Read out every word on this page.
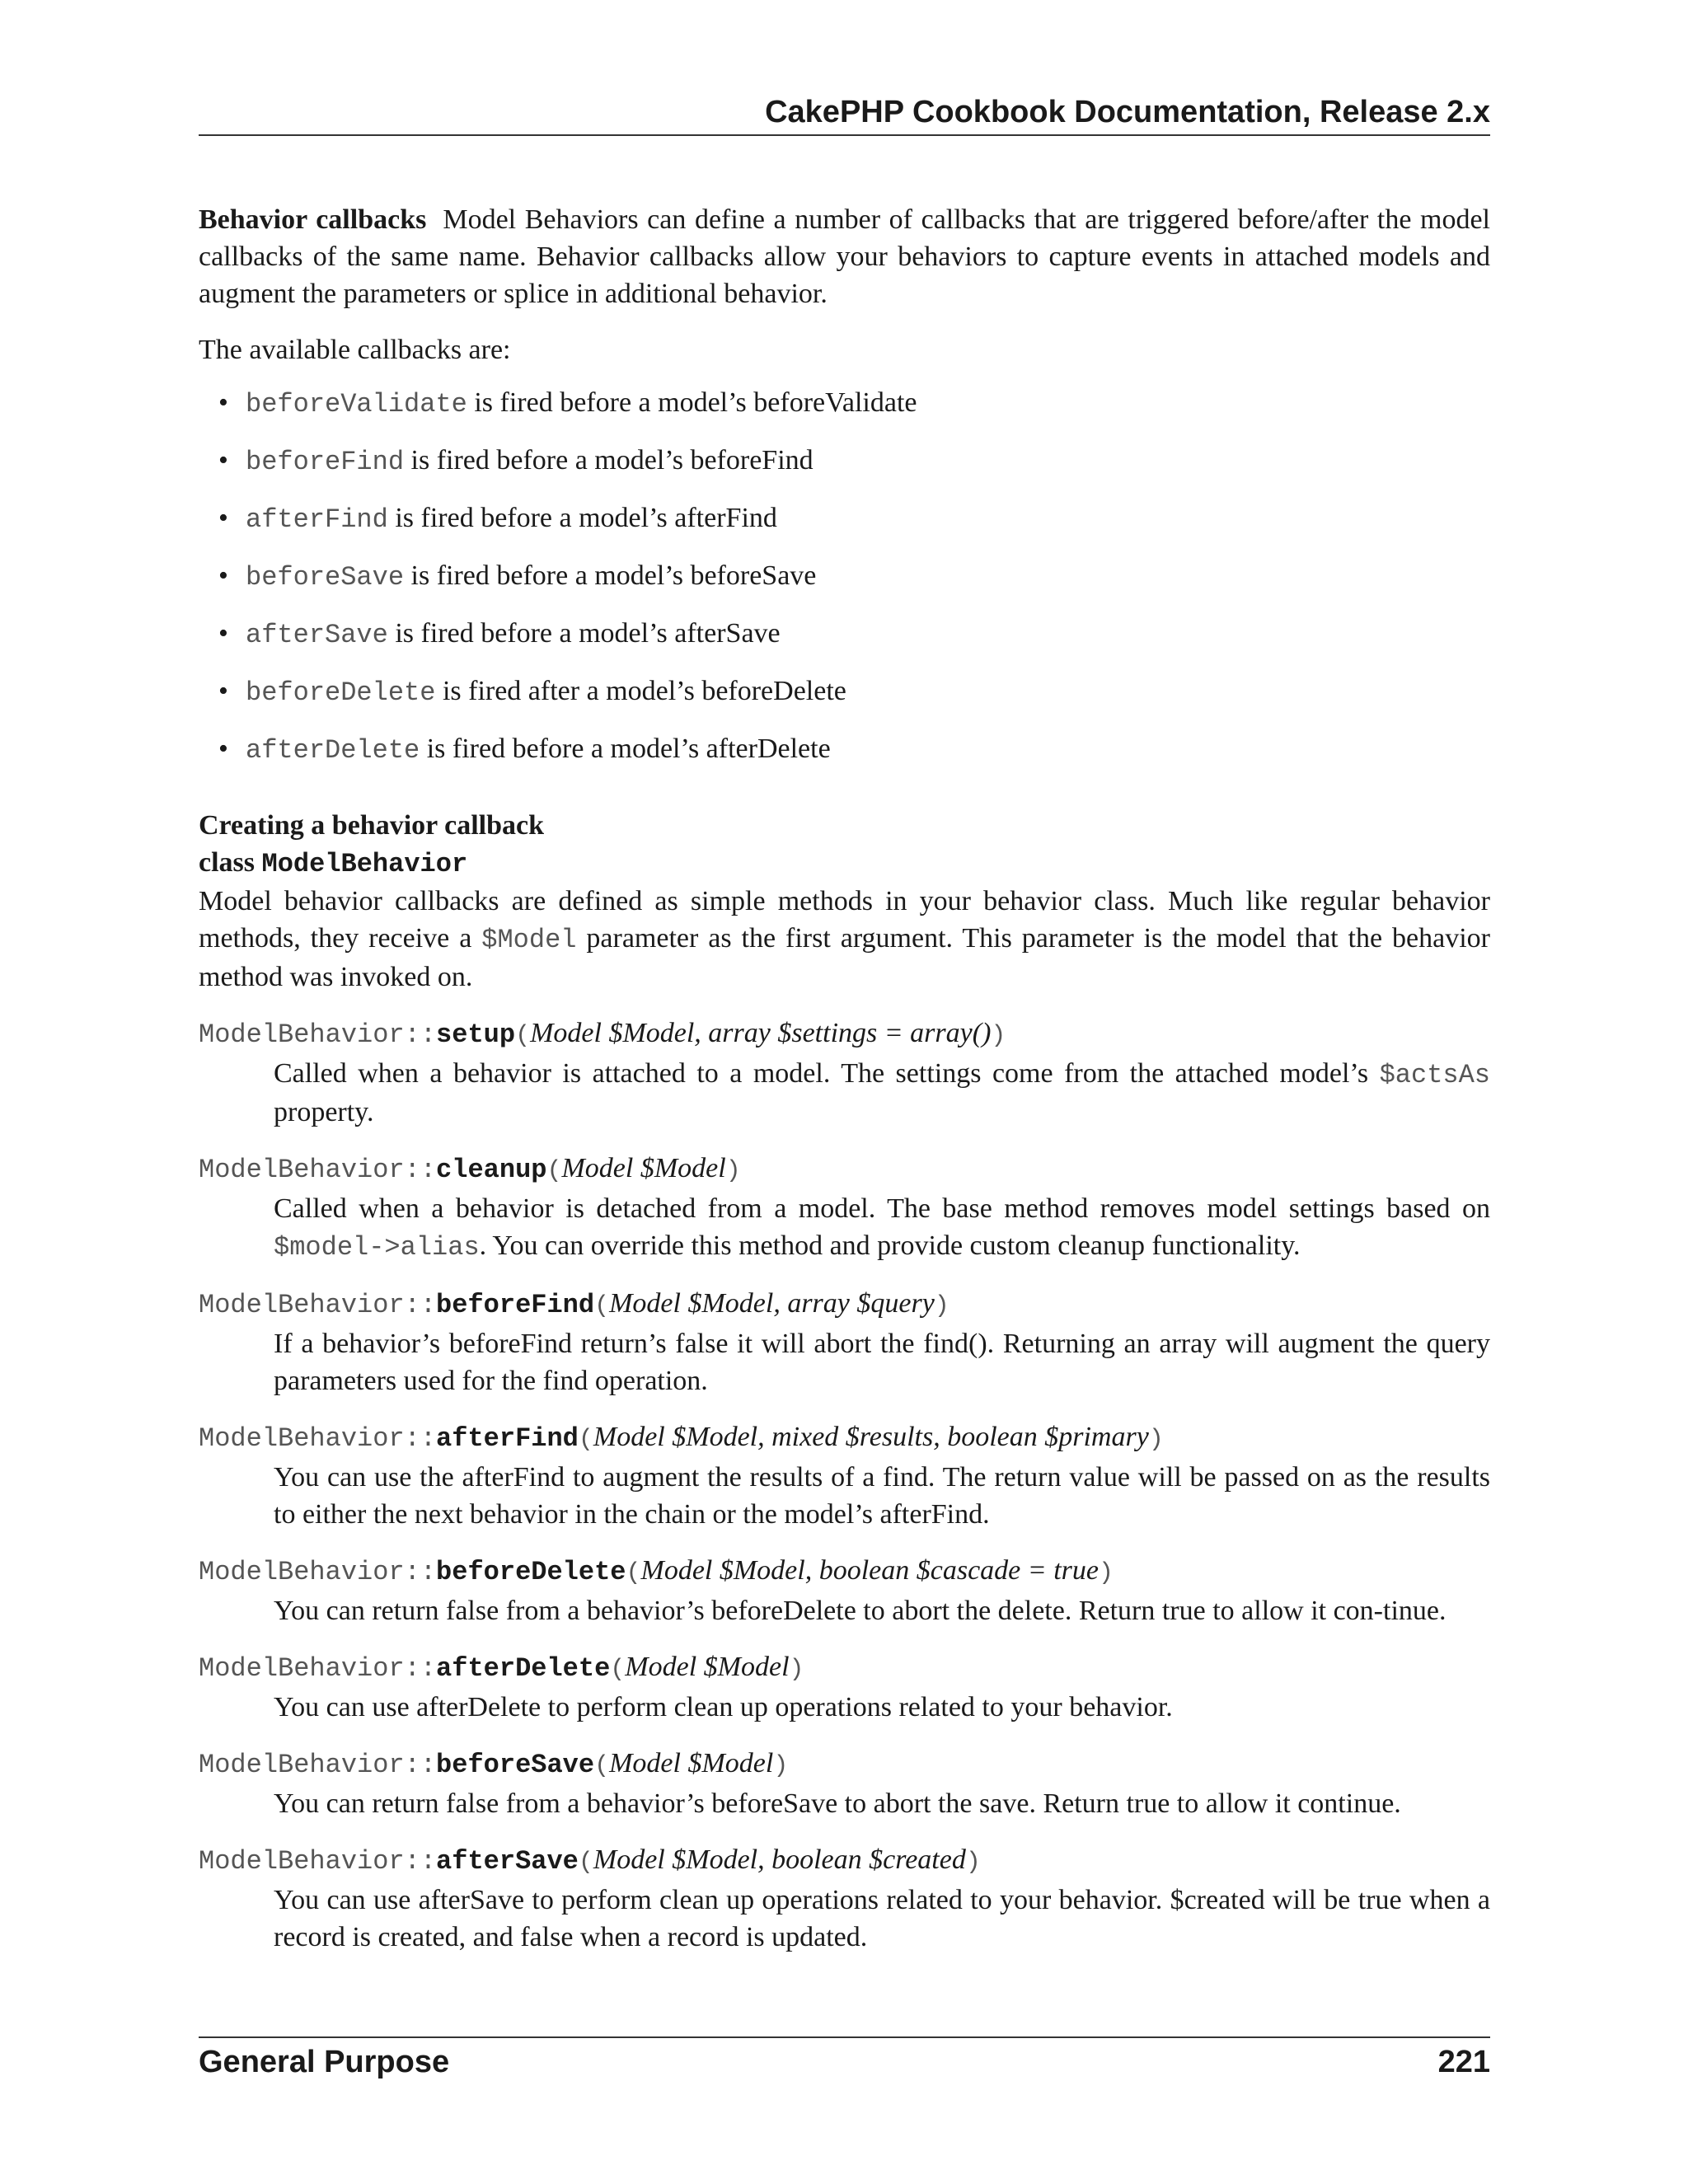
CakePHP Cookbook Documentation, Release 2.x

Behavior callbacks Model Behaviors can define a number of callbacks that are triggered before/after the model callbacks of the same name. Behavior callbacks allow your behaviors to capture events in attached models and augment the parameters or splice in additional behavior.

The available callbacks are:

• beforeValidate is fired before a model’s beforeValidate
• beforeFind is fired before a model’s beforeFind
• afterFind is fired before a model’s afterFind
• beforeSave is fired before a model’s beforeSave
• afterSave is fired before a model’s afterSave
• beforeDelete is fired after a model’s beforeDelete
• afterDelete is fired before a model’s afterDelete
Creating a behavior callback
class ModelBehavior

Model behavior callbacks are defined as simple methods in your behavior class. Much like regular behavior methods, they receive a $Model parameter as the first argument. This parameter is the model that the behavior method was invoked on.

ModelBehavior::setup(Model $Model, array $settings = array())
Called when a behavior is attached to a model. The settings come from the attached model’s $actsAs property.
ModelBehavior::cleanup(Model $Model)
Called when a behavior is detached from a model. The base method removes model settings based on $model->alias. You can override this method and provide custom cleanup functionality.
ModelBehavior::beforeFind(Model $Model, array $query)
If a behavior’s beforeFind return’s false it will abort the find(). Returning an array will augment the query parameters used for the find operation.
ModelBehavior::afterFind(Model $Model, mixed $results, boolean $primary)
You can use the afterFind to augment the results of a find. The return value will be passed on as the results to either the next behavior in the chain or the model’s afterFind.
ModelBehavior::beforeDelete(Model $Model, boolean $cascade = true)
You can return false from a behavior’s beforeDelete to abort the delete. Return true to allow it con-tinue.
ModelBehavior::afterDelete(Model $Model)
You can use afterDelete to perform clean up operations related to your behavior.
ModelBehavior::beforeSave(Model $Model)
You can return false from a behavior’s beforeSave to abort the save. Return true to allow it continue.
ModelBehavior::afterSave(Model $Model, boolean $created)
You can use afterSave to perform clean up operations related to your behavior. $created will be true when a record is created, and false when a record is updated.
General Purpose	221
